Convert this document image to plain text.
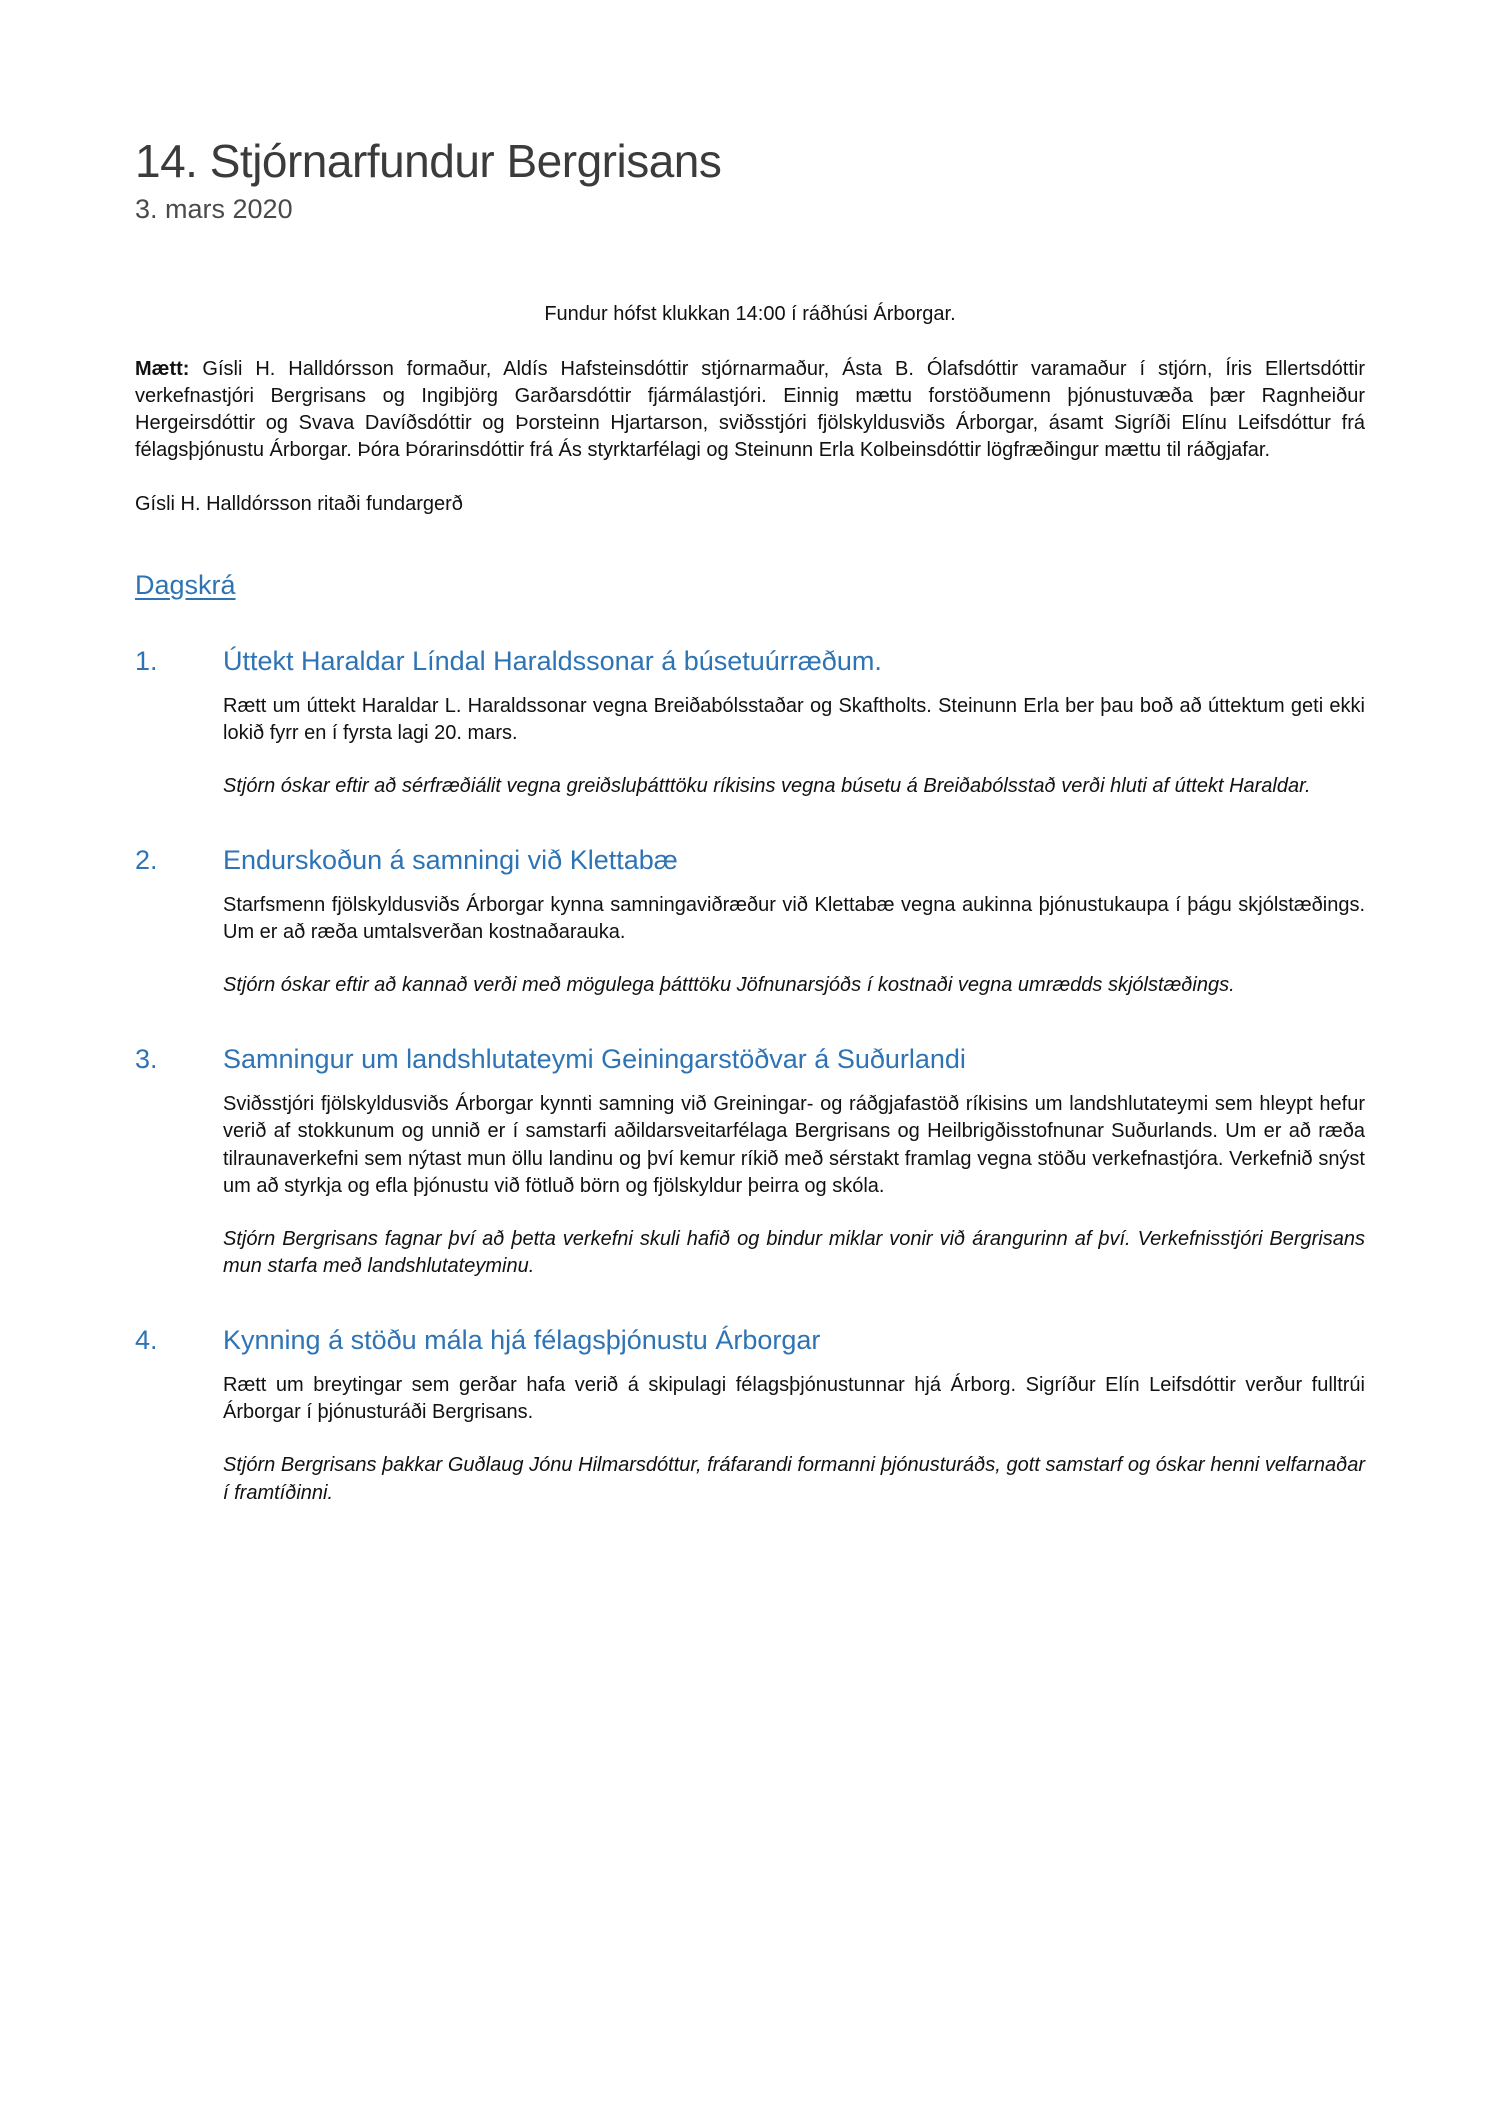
14. Stjórnarfundur Bergrisans
3. mars 2020

Fundur hófst klukkan 14:00 í ráðhúsi Árborgar.

Mætt: Gísli H. Halldórsson formaður, Aldís Hafsteinsdóttir stjórnarmaður, Ásta B. Ólafsdóttir varamaður í stjórn, Íris Ellertsdóttir verkefnastjóri Bergrisans og Ingibjörg Garðarsdóttir fjármálastjóri. Einnig mættu forstöðumenn þjónustuvæða þær Ragnheiður Hergeirsdóttir og Svava Davíðsdóttir og Þorsteinn Hjartarson, sviðsstjóri fjölskyldusviðs Árborgar, ásamt Sigríði Elínu Leifsdóttur frá félagsþjónustu Árborgar. Þóra Þórarinsdóttir frá Ás styrktarfélagi og Steinunn Erla Kolbeinsdóttir lögfræðingur mættu til ráðgjafar.

Gísli H. Halldórsson ritaði fundargerð

Dagskrá
1.	Úttekt Haraldar Líndal Haraldssonar á búsetuúrræðum.

Rætt um úttekt Haraldar L. Haraldssonar vegna Breiðabólsstaðar og Skaftholts. Steinunn Erla ber þau boð að úttektum geti ekki lokið fyrr en í fyrsta lagi 20. mars.

Stjórn óskar eftir að sérfræðiálit vegna greiðsluþátttöku ríkisins vegna búsetu á Breiðabólsstað verði hluti af úttekt Haraldar.

2.	Endurskoðun á samningi við Klettabæ

Starfsmenn fjölskyldusviðs Árborgar kynna samningaviðræður við Klettabæ vegna aukinna þjónustukaupa í þágu skjólstæðings. Um er að ræða umtalsverðan kostnaðarauka.

Stjórn óskar eftir að kannað verði með mögulega þátttöku Jöfnunarsjóðs í kostnaði vegna umrædds skjólstæðings.

3.	Samningur um landshlutateymi Geiningarstöðvar á Suðurlandi

Sviðsstjóri fjölskyldusviðs Árborgar kynnti samning við Greiningar- og ráðgjafastöð ríkisins um landshlutateymi sem hleypt hefur verið af stokkunum og unnið er í samstarfi aðildarsveitarfélaga Bergrisans og Heilbrigðisstofnunar Suðurlands. Um er að ræða tilraunaverkefni sem nýtast mun öllu landinu og því kemur ríkið með sérstakt framlag vegna stöðu verkefnastjóra. Verkefnið snýst um að styrkja og efla þjónustu við fötluð börn og fjölskyldur þeirra og skóla.

Stjórn Bergrisans fagnar því að þetta verkefni skuli hafið og bindur miklar vonir við árangurinn af því. Verkefnisstjóri Bergrisans mun starfa með landshlutateyminu.

4.	Kynning á stöðu mála hjá félagsþjónustu Árborgar

Rætt um breytingar sem gerðar hafa verið á skipulagi félagsþjónustunnar hjá Árborg. Sigríður Elín Leifsdóttir verður fulltrúi Árborgar í þjónusturáði Bergrisans.

Stjórn Bergrisans þakkar Guðlaug Jónu Hilmarsdóttur, fráfarandi formanni þjónusturáðs, gott samstarf og óskar henni velfarnaðar í framtíðinni.
